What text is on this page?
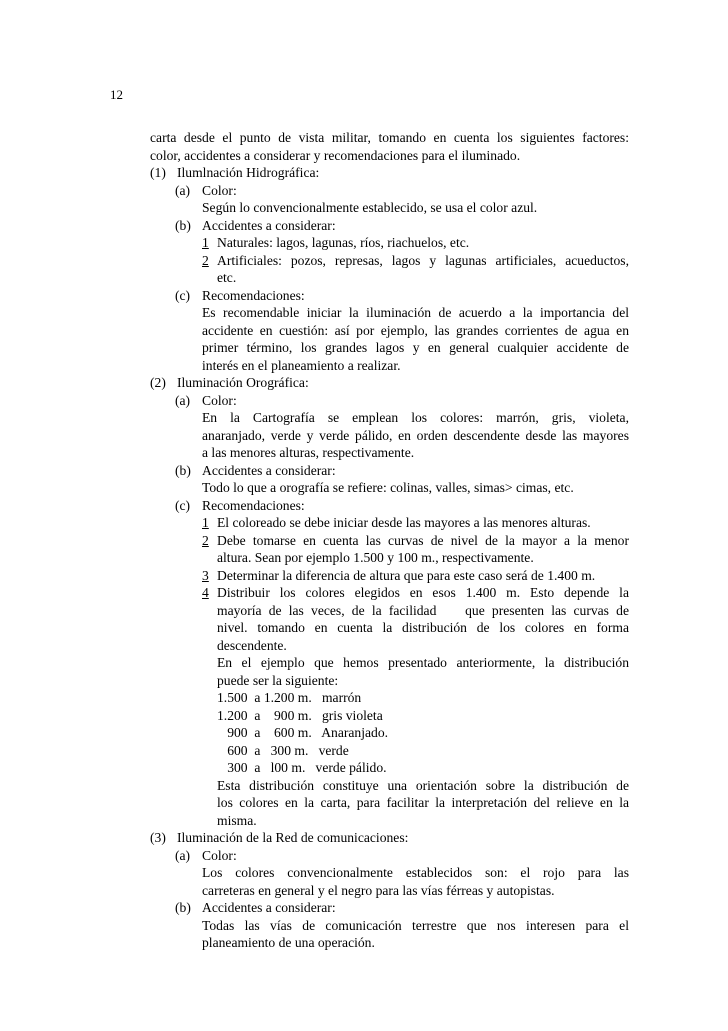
12

carta desde el punto de vista militar, tomando en cuenta los siguientes factores:

color, accidentes a considerar y recomendaciones para el iluminado.

(1) Ilumlnación Hidrográfica:
(a) Color:

Según lo convencionalmente establecido, se usa el color azul.

(b) Accidentes a considerar:
1 Naturales: lagos, lagunas, ríos, riachuelos, etc.
2 Artificiales: pozos, represas, lagos y lagunas artificiales, acueductos,

etc.

(c) Recomendaciones:

Es recomendable iniciar la iluminación de acuerdo a la importancia del

accidente en cuestión: así por ejemplo, las grandes corrientes de agua en

primer término, los grandes lagos y en general cualquier accidente de

interés en el planeamiento a realizar.

(2) Iluminación Orográfica:
(a) Color:

En la Cartografía se emplean los colores: marrón, gris, violeta,

anaranjado, verde y verde pálido, en orden descendente desde las mayores

a las menores alturas, respectivamente.

(b) Accidentes a considerar:

Todo lo que a orografía se refiere: colinas, valles, simas> cimas, etc.

(c) Recomendaciones:
1 El coloreado se debe iniciar desde las mayores a las menores alturas.
2 Debe tomarse en cuenta las curvas de nivel de la mayor a la menor

altura. Sean por ejemplo 1.500 y 100 m., respectivamente.

3 Determinar la diferencia de altura que para este caso será de 1.400 m.
4 Distribuir los colores elegidos en esos 1.400 m. Esto depende la

mayoría de las veces, de la facilidad    que presenten las curvas de

nivel. tomando en cuenta la distribución de los colores en forma

descendente.

En el ejemplo que hemos presentado anteriormente, la distribución

puede ser la siguiente:

1.500  a 1.200 m.   marrón

1.200  a    900 m.   gris violeta

900  a    600 m.   Anaranjado.

600  a   300 m.   verde

300  a   l00 m.   verde pálido.

Esta distribución constituye una orientación sobre la distribución de

los colores en la carta, para facilitar la interpretación del relieve en la

misma.

(3) Iluminación de la Red de comunicaciones:
(a) Color:

Los colores convencionalmente establecidos son: el rojo para las

carreteras en general y el negro para las vías férreas y autopistas.

(b) Accidentes a considerar:

Todas las vías de comunicación terrestre que nos interesen para el

planeamiento de una operación.
